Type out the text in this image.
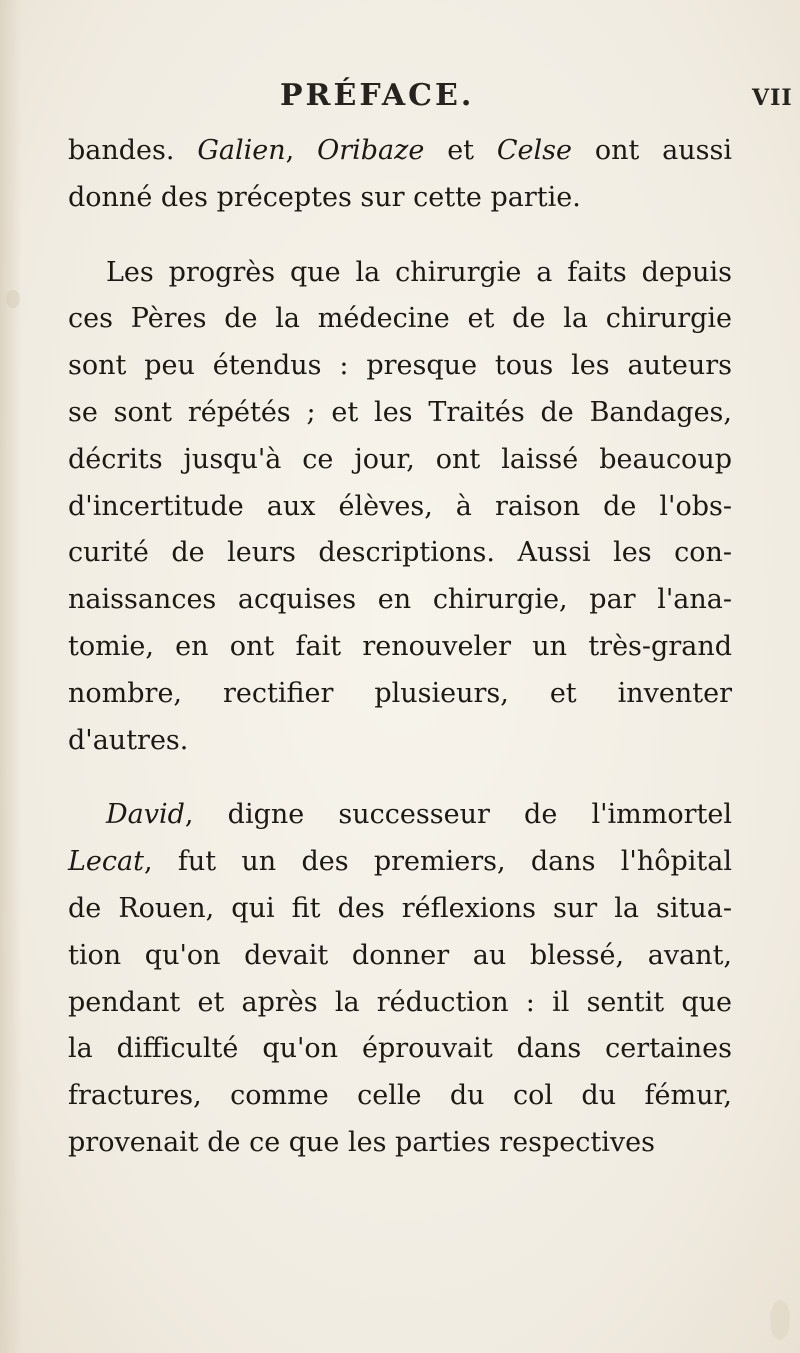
PRÉFACE.	VII
bandes. Galien, Oribaze et Celse ont aussi
donné des préceptes sur cette partie.
Les progrès que la chirurgie a faits depuis
ces Pères de la médecine et de la chirurgie
sont peu étendus : presque tous les auteurs
se sont répétés ; et les Traités de Bandages,
décrits jusqu'à ce jour, ont laissé beaucoup
d'incertitude aux élèves, à raison de l'obs-
curité de leurs descriptions. Aussi les con-
naissances acquises en chirurgie, par l'ana-
tomie, en ont fait renouveler un très-grand
nombre, rectifier plusieurs, et inventer
d'autres.
David, digne successeur de l'immortel
Lecat, fut un des premiers, dans l'hôpital
de Rouen, qui fit des réflexions sur la situa-
tion qu'on devait donner au blessé, avant,
pendant et après la réduction : il sentit que
la difficulté qu'on éprouvait dans certaines
fractures, comme celle du col du fémur,
provenait de ce que les parties respectives
